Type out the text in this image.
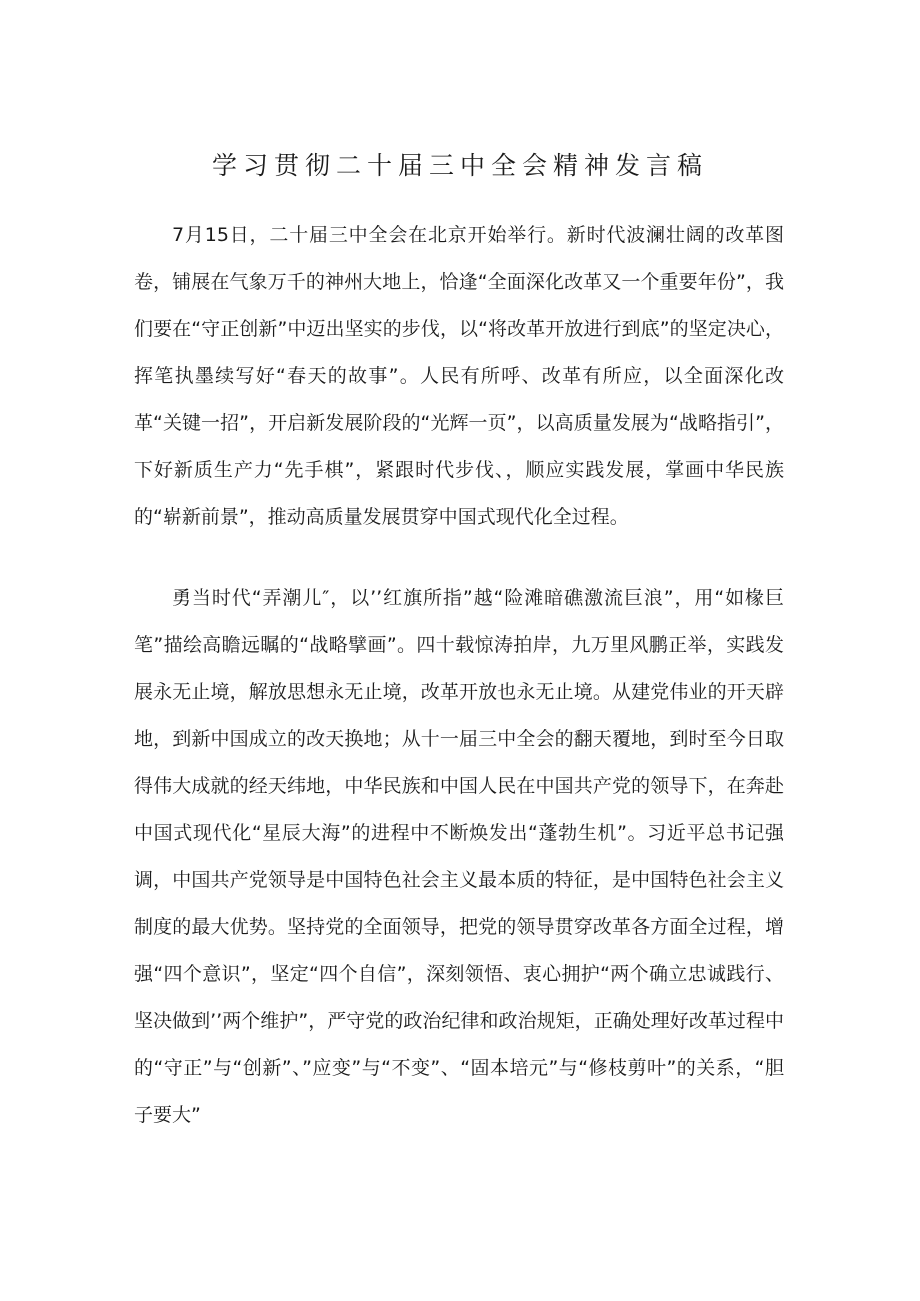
学习贯彻二十届三中全会精神发言稿

7月15日，二十届三中全会在北京开始举行。新时代波澜壮阔的改革图卷，铺展在气象万千的神州大地上，恰逢“全面深化改革又一个重要年份”，我们要在“守正创新”中迈出坚实的步伐，以“将改革开放进行到底”的坚定决心，挥笔执墨续写好“春天的故事”。人民有所呼、改革有所应，以全面深化改革“关键一招”，开启新发展阶段的“光辉一页”，以高质量发展为“战略指引”，下好新质生产力“先手棋”，紧跟时代步伐、，顺应实践发展，掌画中华民族的“崭新前景”，推动高质量发展贯穿中国式现代化全过程。

勇当时代“弄潮儿″，以’’红旗所指”越“险滩暗礁激流巨浪”，用“如椽巨笔”描绘高瞻远瞩的“战略擘画”。四十载惊涛拍岸，九万里风鹏正举，实践发展永无止境，解放思想永无止境，改革开放也永无止境。从建党伟业的开天辟地，到新中国成立的改天换地；从十一届三中全会的翻天覆地，到时至今日取得伟大成就的经天纬地，中华民族和中国人民在中国共产党的领导下，在奔赴中国式现代化“星辰大海”的进程中不断焕发出“蓬勃生机”。习近平总书记强调，中国共产党领导是中国特色社会主义最本质的特征，是中国特色社会主义制度的最大优势。坚持党的全面领导，把党的领导贯穿改革各方面全过程，增强“四个意识”，坚定“四个自信”，深刻领悟、衷心拥护“两个确立忠诚践行、坚决做到’’两个维护”，严守党的政治纪律和政治规矩，正确处理好改革过程中的“守正”与“创新”、”应变”与“不变”、“固本培元”与“修枝剪叶”的关系，“胆子要大”
